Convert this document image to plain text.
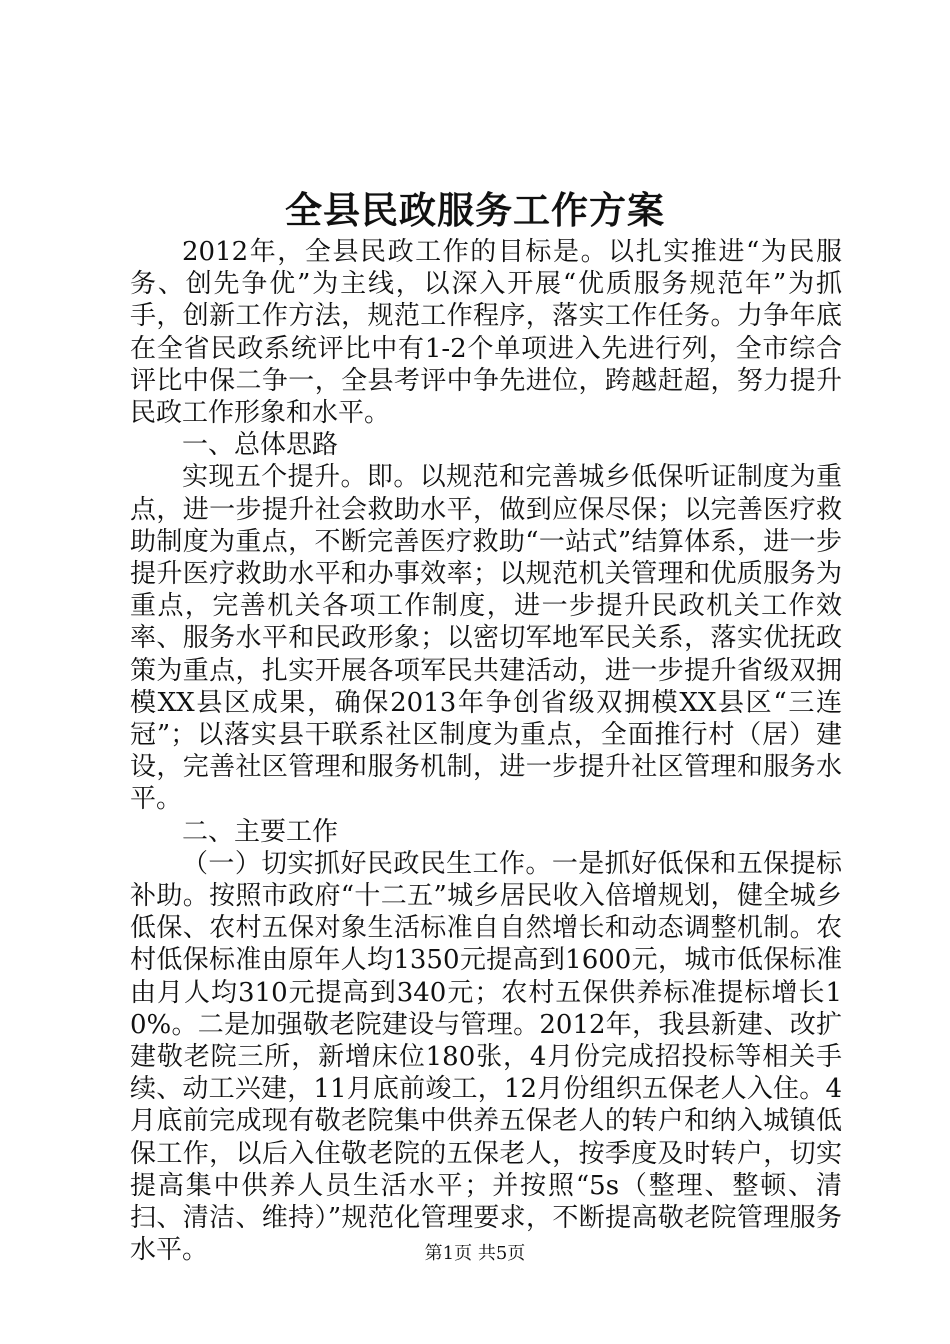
全县民政服务工作方案

2012年，全县民政工作的目标是。以扎实推进“为民服务、创先争优”为主线，以深入开展“优质服务规范年”为抓手，创新工作方法，规范工作程序，落实工作任务。力争年底在全省民政系统评比中有1-2个单项进入先进行列，全市综合评比中保二争一，全县考评中争先进位，跨越赶超，努力提升民政工作形象和水平。

一、总体思路

实现五个提升。即。以规范和完善城乡低保听证制度为重点，进一步提升社会救助水平，做到应保尽保；以完善医疗救助制度为重点，不断完善医疗救助“一站式”结算体系，进一步提升医疗救助水平和办事效率；以规范机关管理和优质服务为重点，完善机关各项工作制度，进一步提升民政机关工作效率、服务水平和民政形象；以密切军地军民关系，落实优抚政策为重点，扎实开展各项军民共建活动，进一步提升省级双拥模XX县区成果，确保2013年争创省级双拥模XX县区“三连冠”；以落实县干联系社区制度为重点，全面推行村（居）建设，完善社区管理和服务机制，进一步提升社区管理和服务水平。

二、主要工作

（一）切实抓好民政民生工作。一是抓好低保和五保提标补助。按照市政府“十二五”城乡居民收入倍增规划，健全城乡低保、农村五保对象生活标准自自然增长和动态调整机制。农村低保标准由原年人均1350元提高到1600元，城市低保标准由月人均310元提高到340元；农村五保供养标准提标增长10%。二是加强敬老院建设与管理。2012年，我县新建、改扩建敬老院三所，新增床位180张，4月份完成招投标等相关手续、动工兴建，11月底前竣工，12月份组织五保老人入住。4月底前完成现有敬老院集中供养五保老人的转户和纳入城镇低保工作，以后入住敬老院的五保老人，按季度及时转户，切实提高集中供养人员生活水平；并按照“5s（整理、整顿、清扫、清洁、维持）”规范化管理要求，不断提高敬老院管理服务水平。	第1页 共5页
